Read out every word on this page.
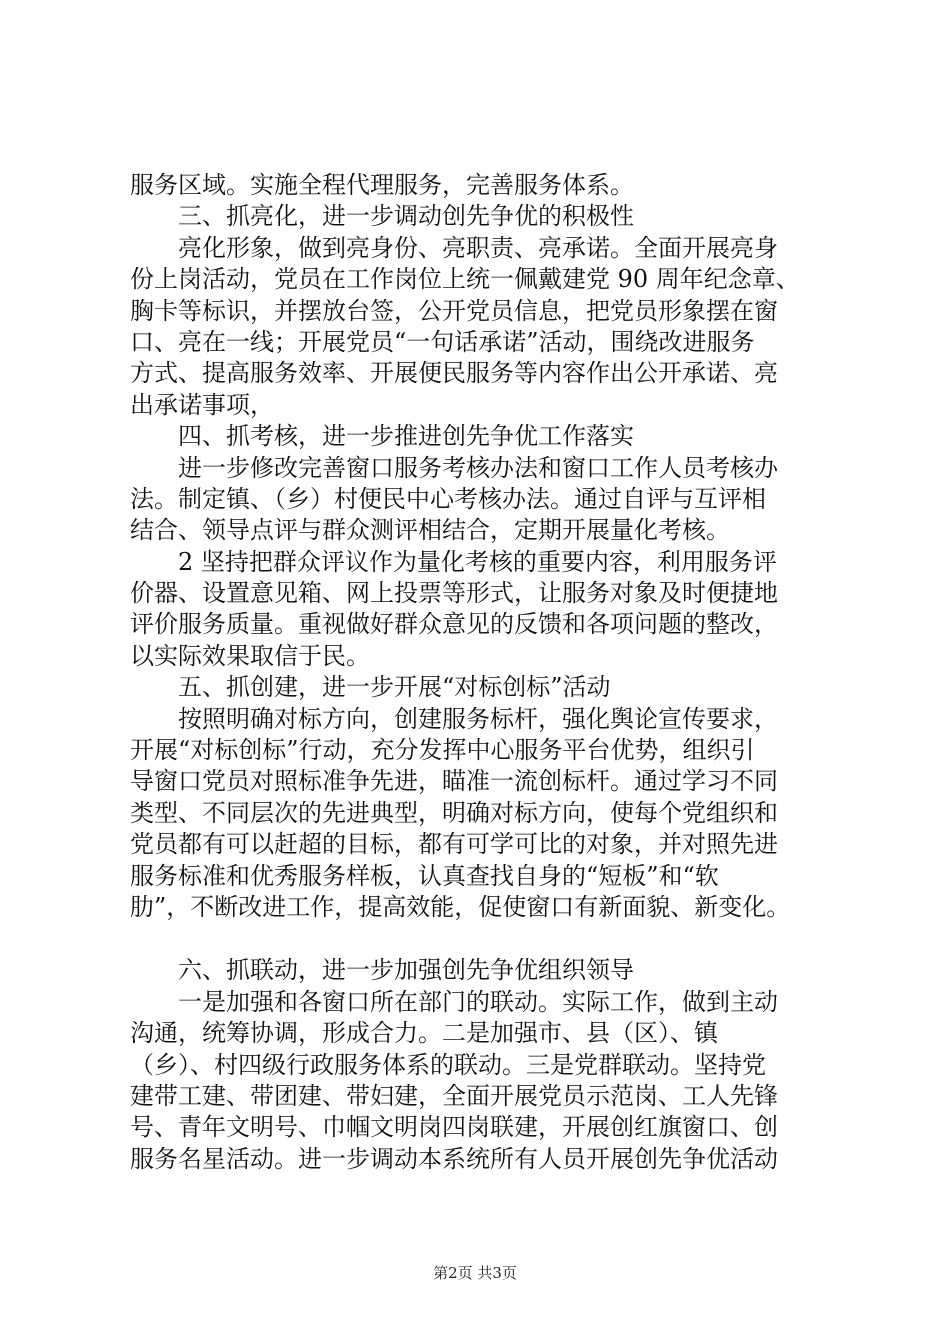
服务区域。实施全程代理服务，完善服务体系。
三、抓亮化，进一步调动创先争优的积极性
亮化形象，做到亮身份、亮职责、亮承诺。全面开展亮身
份上岗活动，党员在工作岗位上统一佩戴建党 90 周年纪念章、
胸卡等标识，并摆放台签，公开党员信息，把党员形象摆在窗
口、亮在一线；开展党员“一句话承诺”活动，围绕改进服务
方式、提高服务效率、开展便民服务等内容作出公开承诺、亮
出承诺事项，
四、抓考核，进一步推进创先争优工作落实
进一步修改完善窗口服务考核办法和窗口工作人员考核办
法。制定镇、（乡）村便民中心考核办法。通过自评与互评相
结合、领导点评与群众测评相结合，定期开展量化考核。
2 坚持把群众评议作为量化考核的重要内容，利用服务评
价器、设置意见箱、网上投票等形式，让服务对象及时便捷地
评价服务质量。重视做好群众意见的反馈和各项问题的整改，
以实际效果取信于民。
五、抓创建，进一步开展“对标创标”活动
按照明确对标方向，创建服务标杆，强化舆论宣传要求，
开展“对标创标”行动，充分发挥中心服务平台优势，组织引
导窗口党员对照标准争先进，瞄准一流创标杆。通过学习不同
类型、不同层次的先进典型，明确对标方向，使每个党组织和
党员都有可以赶超的目标，都有可学可比的对象，并对照先进
服务标准和优秀服务样板，认真查找自身的“短板”和“软
肋”，不断改进工作，提高效能，促使窗口有新面貌、新变化。
六、抓联动，进一步加强创先争优组织领导
一是加强和各窗口所在部门的联动。实际工作，做到主动
沟通，统筹协调，形成合力。二是加强市、县（区）、镇
（乡）、村四级行政服务体系的联动。三是党群联动。坚持党
建带工建、带团建、带妇建，全面开展党员示范岗、工人先锋
号、青年文明号、巾帼文明岗四岗联建，开展创红旗窗口、创
服务名星活动。进一步调动本系统所有人员开展创先争优活动
第2页 共3页
